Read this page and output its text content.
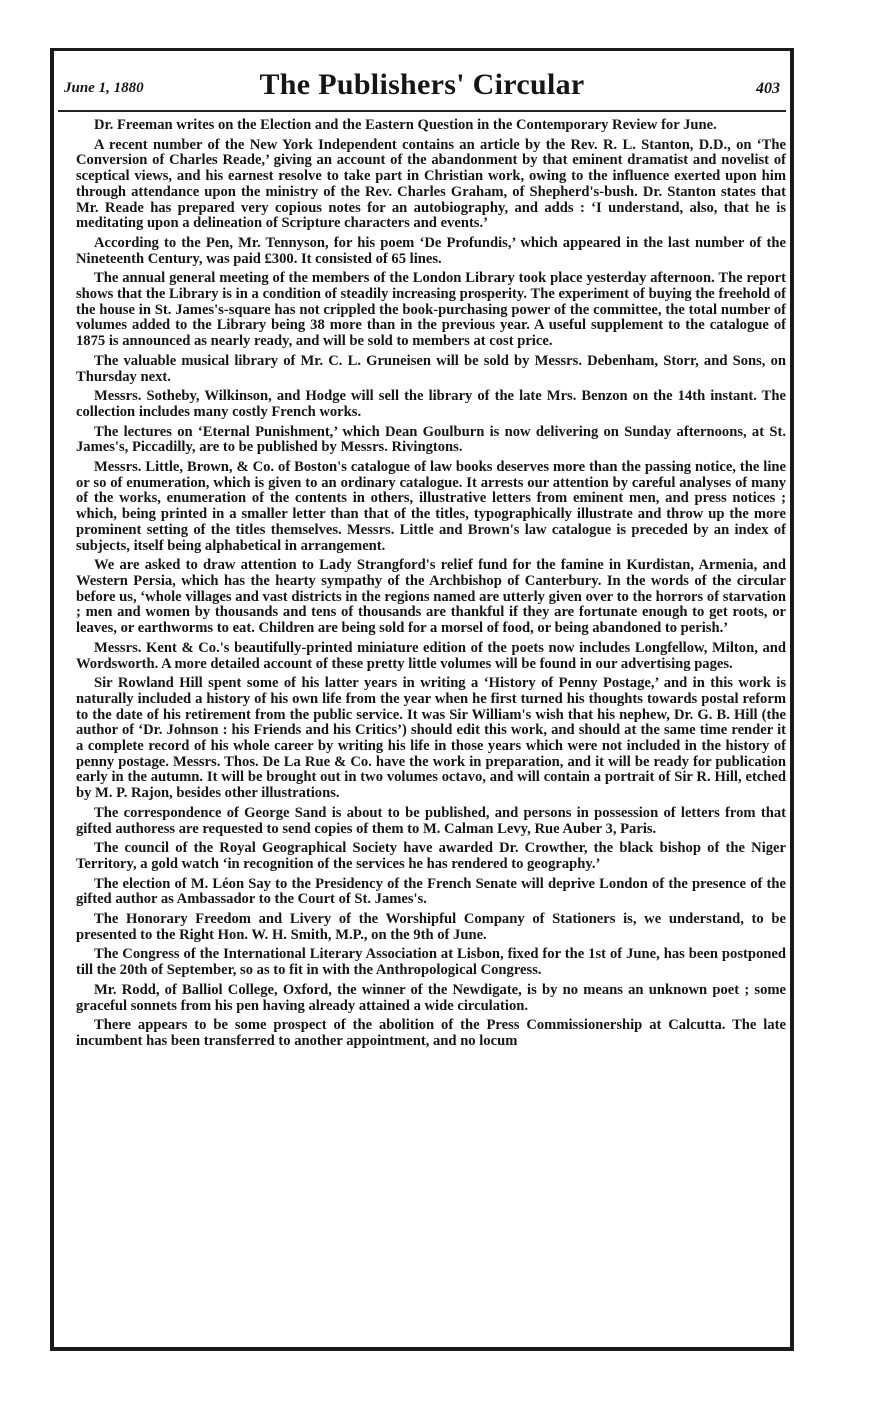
June 1, 1880	The Publishers' Circular	403

Dr. Freeman writes on the Election and the Eastern Question in the Contemporary Review for June.

A recent number of the New York Independent contains an article by the Rev. R. L. Stanton, D.D., on ‘The Conversion of Charles Reade,’ giving an account of the abandonment by that eminent dramatist and novelist of sceptical views, and his earnest resolve to take part in Christian work, owing to the influence exerted upon him through attendance upon the ministry of the Rev. Charles Graham, of Shepherd's-bush. Dr. Stanton states that Mr. Reade has prepared very copious notes for an autobiography, and adds : ‘I understand, also, that he is meditating upon a delineation of Scripture characters and events.’

According to the Pen, Mr. Tennyson, for his poem ‘De Profundis,’ which appeared in the last number of the Nineteenth Century, was paid £300. It consisted of 65 lines.

The annual general meeting of the members of the London Library took place yesterday afternoon. The report shows that the Library is in a condition of steadily increasing prosperity. The experiment of buying the freehold of the house in St. James's-square has not crippled the book-purchasing power of the committee, the total number of volumes added to the Library being 38 more than in the previous year. A useful supplement to the catalogue of 1875 is announced as nearly ready, and will be sold to members at cost price.

The valuable musical library of Mr. C. L. Gruneisen will be sold by Messrs. Debenham, Storr, and Sons, on Thursday next.

Messrs. Sotheby, Wilkinson, and Hodge will sell the library of the late Mrs. Benzon on the 14th instant. The collection includes many costly French works.

The lectures on ‘Eternal Punishment,’ which Dean Goulburn is now delivering on Sunday afternoons, at St. James's, Piccadilly, are to be published by Messrs. Rivingtons.

Messrs. Little, Brown, & Co. of Boston's catalogue of law books deserves more than the passing notice, the line or so of enumeration, which is given to an ordinary catalogue. It arrests our attention by careful analyses of many of the works, enumeration of the contents in others, illustrative letters from eminent men, and press notices ; which, being printed in a smaller letter than that of the titles, typographically illustrate and throw up the more prominent setting of the titles themselves. Messrs. Little and Brown's law catalogue is preceded by an index of subjects, itself being alphabetical in arrangement.

We are asked to draw attention to Lady Strangford's relief fund for the famine in Kurdistan, Armenia, and Western Persia, which has the hearty sympathy of the Archbishop of Canterbury. In the words of the circular before us, ‘whole villages and vast districts in the regions named are utterly given over to the horrors of starvation ; men and women by thousands and tens of thousands are thankful if they are fortunate enough to get roots, or leaves, or earthworms to eat. Children are being sold for a morsel of food, or being abandoned to perish.’

Messrs. Kent & Co.'s beautifully-printed miniature edition of the poets now includes Longfellow, Milton, and Wordsworth. A more detailed account of these pretty little volumes will be found in our advertising pages.

Sir Rowland Hill spent some of his latter years in writing a ‘History of Penny Postage,’ and in this work is naturally included a history of his own life from the year when he first turned his thoughts towards postal reform to the date of his retirement from the public service. It was Sir William's wish that his nephew, Dr. G. B. Hill (the author of ‘Dr. Johnson : his Friends and his Critics’) should edit this work, and should at the same time render it a complete record of his whole career by writing his life in those years which were not included in the history of penny postage. Messrs. Thos. De La Rue & Co. have the work in preparation, and it will be ready for publication early in the autumn. It will be brought out in two volumes octavo, and will contain a portrait of Sir R. Hill, etched by M. P. Rajon, besides other illustrations.

The correspondence of George Sand is about to be published, and persons in possession of letters from that gifted authoress are requested to send copies of them to M. Calman Levy, Rue Auber 3, Paris.

The council of the Royal Geographical Society have awarded Dr. Crowther, the black bishop of the Niger Territory, a gold watch ‘in recognition of the services he has rendered to geography.’

The election of M. Léon Say to the Presidency of the French Senate will deprive London of the presence of the gifted author as Ambassador to the Court of St. James's.

The Honorary Freedom and Livery of the Worshipful Company of Stationers is, we understand, to be presented to the Right Hon. W. H. Smith, M.P., on the 9th of June.

The Congress of the International Literary Association at Lisbon, fixed for the 1st of June, has been postponed till the 20th of September, so as to fit in with the Anthropological Congress.

Mr. Rodd, of Balliol College, Oxford, the winner of the Newdigate, is by no means an unknown poet ; some graceful sonnets from his pen having already attained a wide circulation.

There appears to be some prospect of the abolition of the Press Commissionership at Calcutta. The late incumbent has been transferred to another appointment, and no locum
